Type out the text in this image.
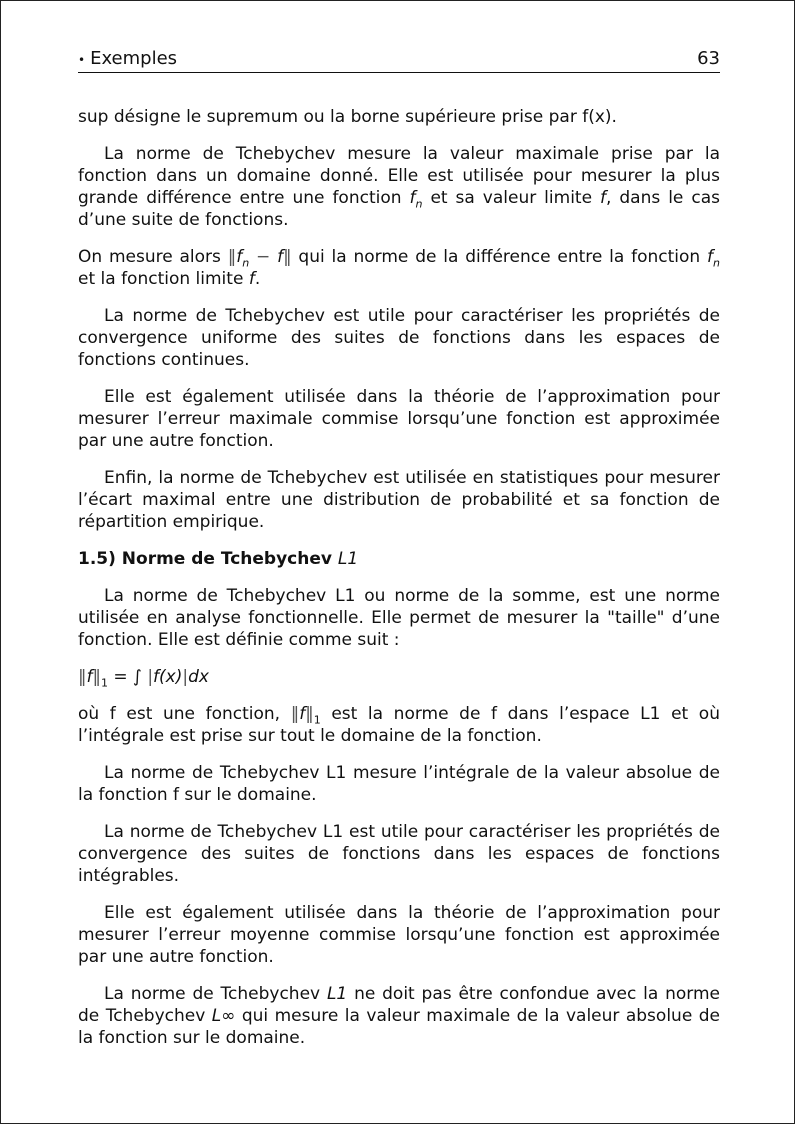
• Exemples	63

sup désigne le supremum ou la borne supérieure prise par f(x).

La norme de Tchebychev mesure la valeur maximale prise par la fonction dans un domaine donné. Elle est utilisée pour mesurer la plus grande différence entre une fonction $f_n$ et sa valeur limite f, dans le cas d’une suite de fonctions.

On mesure alors $‖f_n$ − f‖ qui la norme de la différence entre la fonction $f_n$ et la fonction limite f.

La norme de Tchebychev est utile pour caractériser les propriétés de convergence uniforme des suites de fonctions dans les espaces de fonctions continues.

Elle est également utilisée dans la théorie de l’approximation pour mesurer l’erreur maximale commise lorsqu’une fonction est approximée par une autre fonction.

Enfin, la norme de Tchebychev est utilisée en statistiques pour mesurer l’écart maximal entre une distribution de probabilité et sa fonction de répartition empirique.

1.5) Norme de Tchebychev L1

La norme de Tchebychev L1 ou norme de la somme, est une norme utilisée en analyse fonctionnelle. Elle permet de mesurer la "taille" d’une fonction. Elle est définie comme suit :

$‖f‖_1$ = ∫ |f(x)|dx

où f est une fonction, $‖f‖_1$ est la norme de f dans l’espace L1 et où l’intégrale est prise sur tout le domaine de la fonction.

La norme de Tchebychev L1 mesure l’intégrale de la valeur absolue de la fonction f sur le domaine.

La norme de Tchebychev L1 est utile pour caractériser les propriétés de convergence des suites de fonctions dans les espaces de fonctions intégrables.

Elle est également utilisée dans la théorie de l’approximation pour mesurer l’erreur moyenne commise lorsqu’une fonction est approximée par une autre fonction.

La norme de Tchebychev L1 ne doit pas être confondue avec la norme de Tchebychev L∞ qui mesure la valeur maximale de la valeur absolue de la fonction sur le domaine.
